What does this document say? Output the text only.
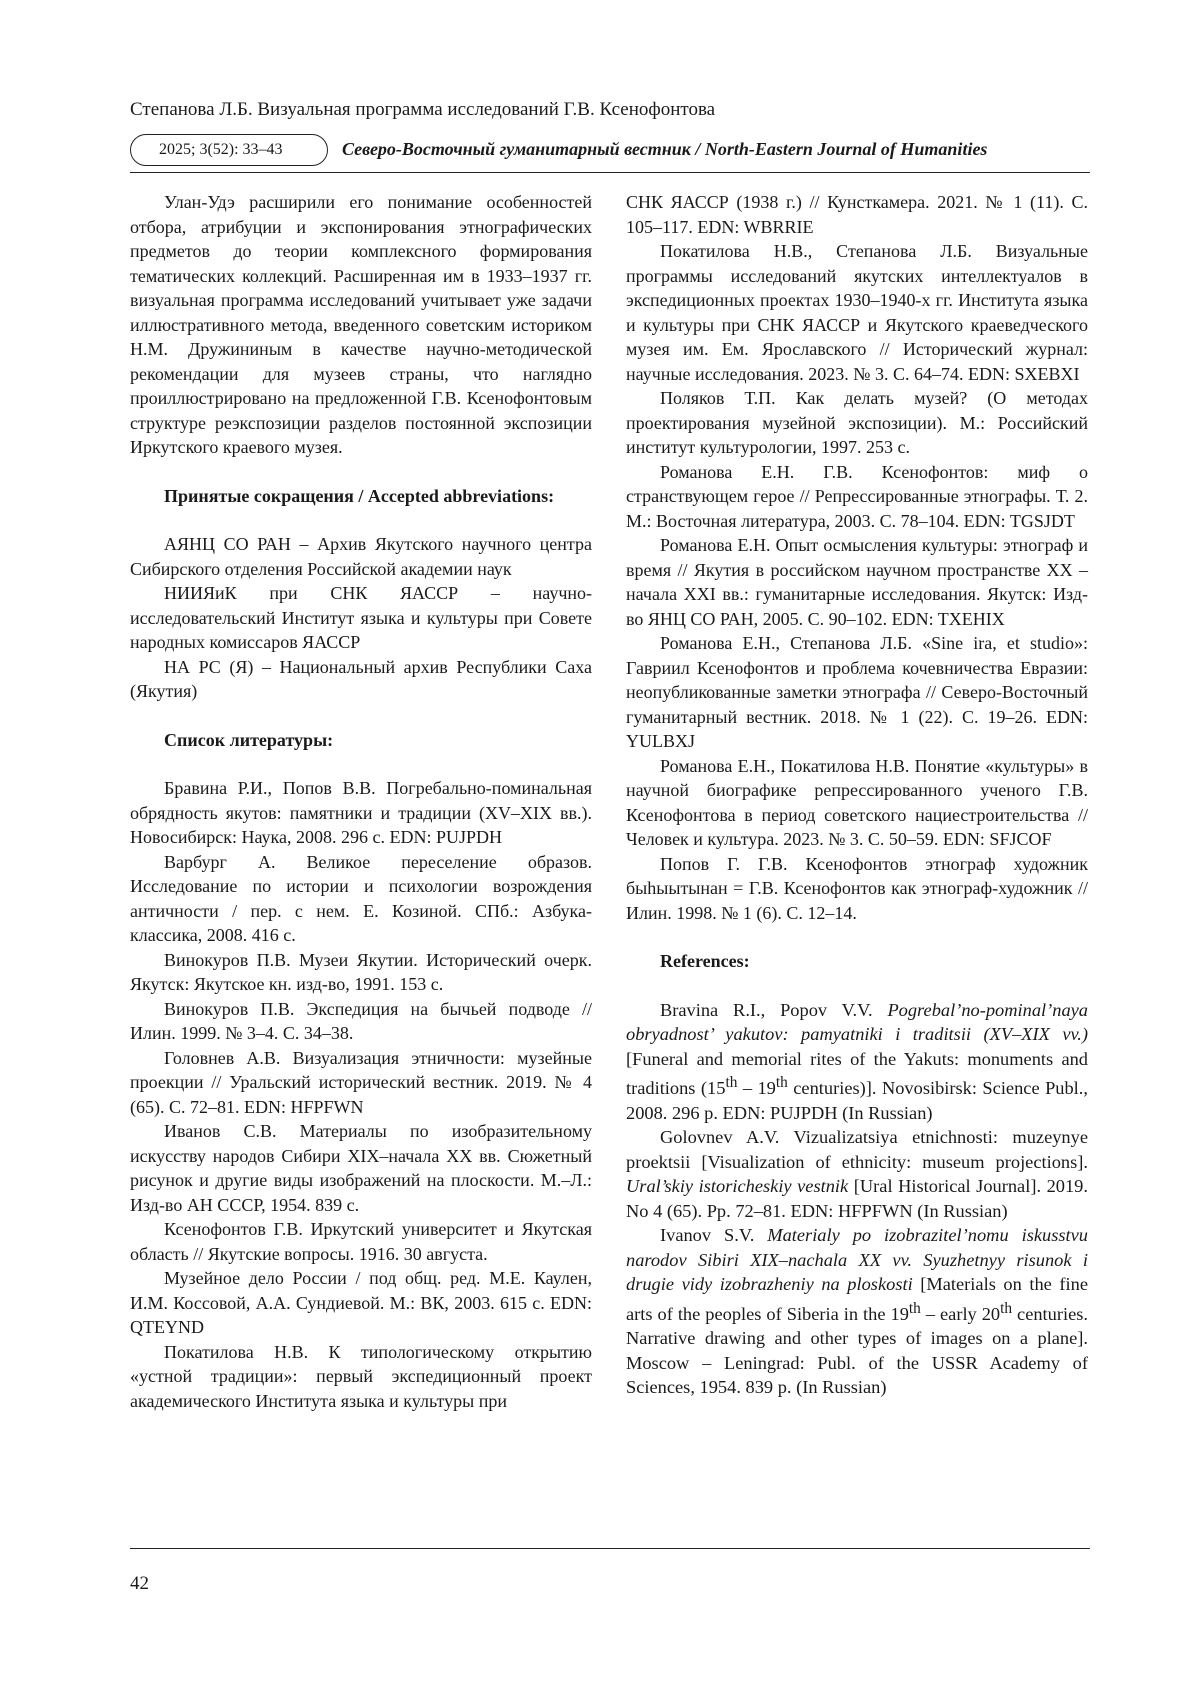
Степанова Л.Б. Визуальная программа исследований Г.В. Ксенофонтова
2025; 3(52): 33–43	Северо-Восточный гуманитарный вестник / North-Eastern Journal of Humanities

Улан-Удэ расширили его понимание особенностей отбора, атрибуции и экспонирования этнографических предметов до теории комплексного формирования тематических коллекций. Расширенная им в 1933–1937 гг. визуальная программа исследований учитывает уже задачи иллюстративного метода, введенного советским историком Н.М. Дружининым в качестве научно-методической рекомендации для музеев страны, что наглядно проиллюстрировано на предложенной Г.В. Ксенофонтовым структуре реэкспозиции разделов постоянной экспозиции Иркутского краевого музея.

Принятые сокращения / Accepted abbreviations:

АЯНЦ СО РАН – Архив Якутского научного центра Сибирского отделения Российской академии наук

НИИЯиК при СНК ЯАССР – научно-исследовательский Институт языка и культуры при Совете народных комиссаров ЯАССР

НА РС (Я) – Национальный архив Республики Саха (Якутия)

Список литературы:

Бравина Р.И., Попов В.В. Погребально-поминальная обрядность якутов: памятники и традиции (XV–XIX вв.). Новосибирск: Наука, 2008. 296 с. EDN: PUJPDH

Варбург А. Великое переселение образов. Исследование по истории и психологии возрождения античности / пер. с нем. Е. Козиной. СПб.: Азбука-классика, 2008. 416 с.

Винокуров П.В. Музеи Якутии. Исторический очерк. Якутск: Якутское кн. изд-во, 1991. 153 с.

Винокуров П.В. Экспедиция на бычьей подводе // Илин. 1999. № 3–4. С. 34–38.

Головнев А.В. Визуализация этничности: музейные проекции // Уральский исторический вестник. 2019. № 4 (65). С. 72–81. EDN: HFPFWN

Иванов С.В. Материалы по изобразительному искусству народов Сибири XIX–начала XX вв. Сюжетный рисунок и другие виды изображений на плоскости. М.–Л.: Изд-во АН СССР, 1954. 839 с.

Ксенофонтов Г.В. Иркутский университет и Якутская область // Якутские вопросы. 1916. 30 августа.

Музейное дело России / под общ. ред. М.Е. Каулен, И.М. Коссовой, А.А. Сундиевой. М.: ВК, 2003. 615 с. EDN: QTEYND

Покатилова Н.В. К типологическому открытию «устной традиции»: первый экспедиционный проект академического Института языка и культуры при

СНК ЯАССР (1938 г.) // Кунсткамера. 2021. № 1 (11). С. 105–117. EDN: WBRRIE

Покатилова Н.В., Степанова Л.Б. Визуальные программы исследований якутских интеллектуалов в экспедиционных проектах 1930–1940-х гг. Института языка и культуры при СНК ЯАССР и Якутского краеведческого музея им. Ем. Ярославского // Исторический журнал: научные исследования. 2023. № 3. С. 64–74. EDN: SXEBXI

Поляков Т.П. Как делать музей? (О методах проектирования музейной экспозиции). М.: Российский институт культурологии, 1997. 253 с.

Романова Е.Н. Г.В. Ксенофонтов: миф о странствующем герое // Репрессированные этнографы. Т. 2. М.: Восточная литература, 2003. С. 78–104. EDN: TGSJDT

Романова Е.Н. Опыт осмысления культуры: этнограф и время // Якутия в российском научном пространстве XX – начала XXI вв.: гуманитарные исследования. Якутск: Изд-во ЯНЦ СО РАН, 2005. С. 90–102. EDN: TXEHIX

Романова Е.Н., Степанова Л.Б. «Sine ira, et studio»: Гавриил Ксенофонтов и проблема кочевничества Евразии: неопубликованные заметки этнографа // Северо-Восточный гуманитарный вестник. 2018. № 1 (22). С. 19–26. EDN: YULBXJ

Романова Е.Н., Покатилова Н.В. Понятие «культуры» в научной биографике репрессированного ученого Г.В. Ксенофонтова в период советского нациестроительства // Человек и культура. 2023. № 3. С. 50–59. EDN: SFJCOF

Попов Г. Г.В. Ксенофонтов этнограф художник быһыытынан = Г.В. Ксенофонтов как этнограф-художник // Илин. 1998. № 1 (6). С. 12–14.

References:

Bravina R.I., Popov V.V. Pogrebal’no-pominal’naya obryadnost’ yakutov: pamyatniki i traditsii (XV–XIX vv.) [Funeral and memorial rites of the Yakuts: monuments and traditions (15th – 19th centuries)]. Novosibirsk: Science Publ., 2008. 296 p. EDN: PUJPDH (In Russian)

Golovnev A.V. Vizualizatsiya etnichnosti: muzeynye proektsii [Visualization of ethnicity: museum projections]. Ural’skiy istoricheskiy vestnik [Ural Historical Journal]. 2019. No 4 (65). Pp. 72–81. EDN: HFPFWN (In Russian)

Ivanov S.V. Materialy po izobrazitel’nomu iskusstvu narodov Sibiri XIX–nachala XX vv. Syuzhetnyy risunok i drugie vidy izobrazheniy na ploskosti [Materials on the fine arts of the peoples of Siberia in the 19th – early 20th centuries. Narrative drawing and other types of images on a plane]. Moscow – Leningrad: Publ. of the USSR Academy of Sciences, 1954. 839 p. (In Russian)

42
